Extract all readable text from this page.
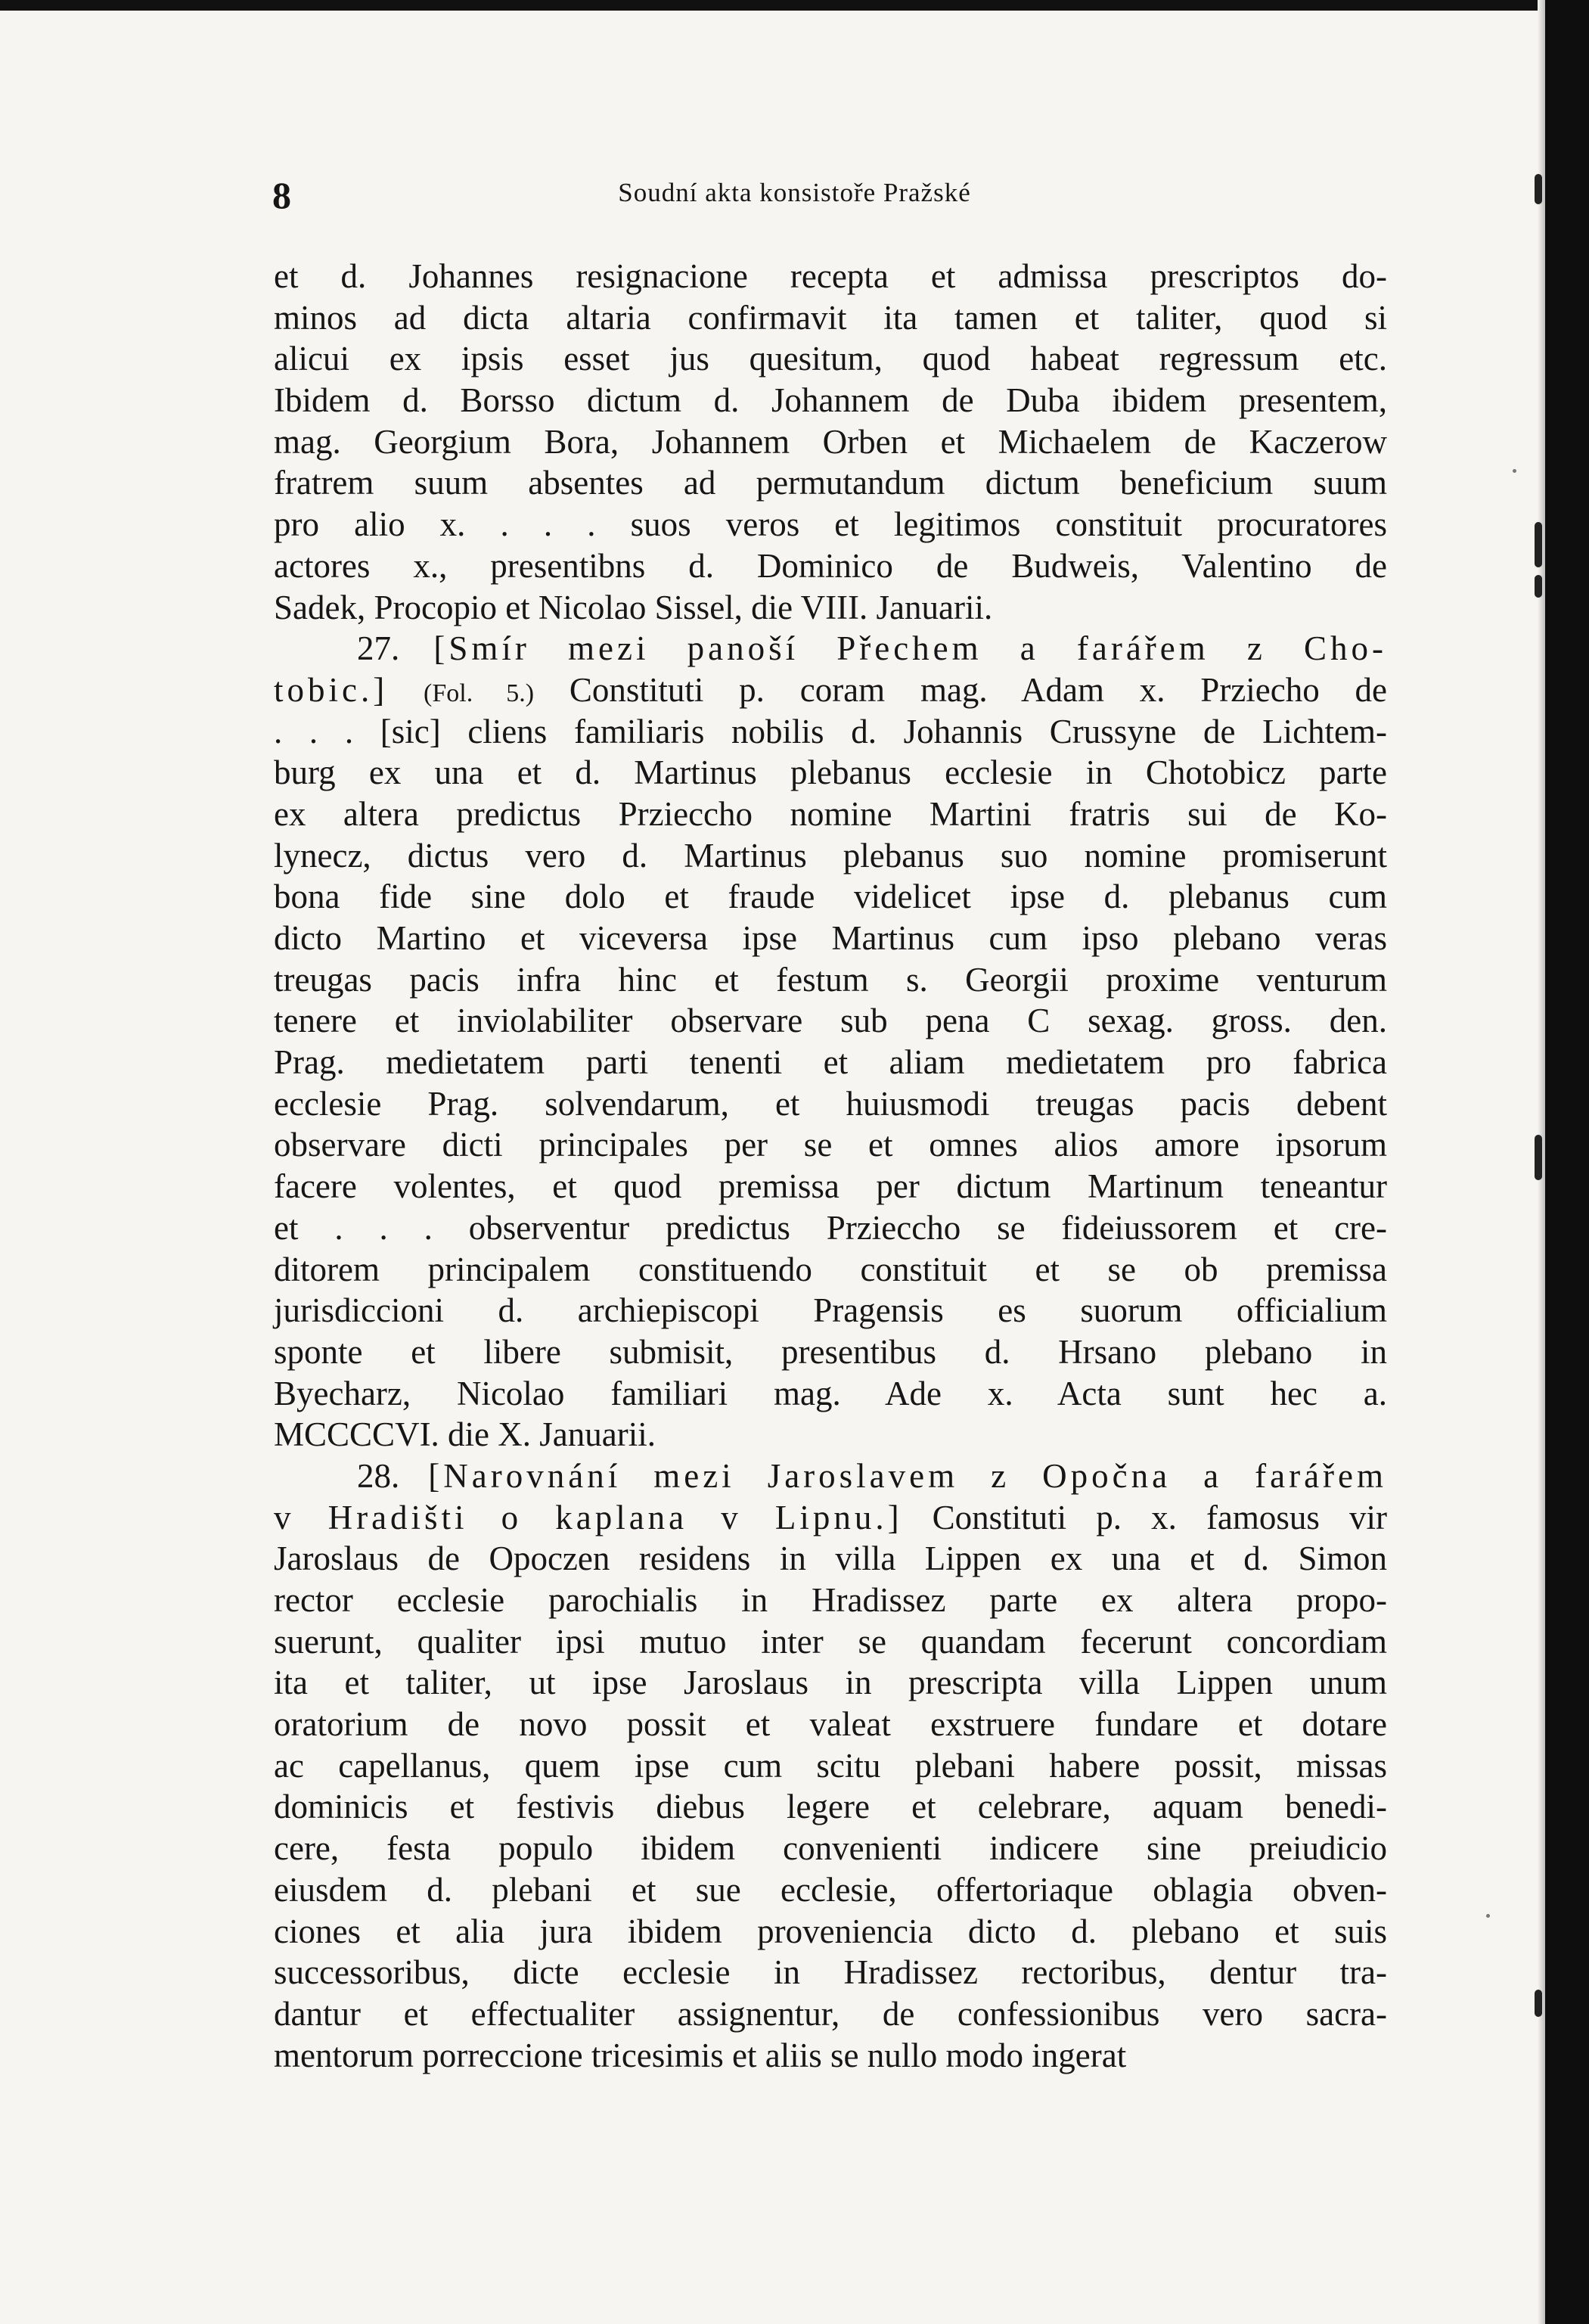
8	Soudní akta konsistoře Pražské
et d. Johannes resignacione recepta et admissa prescriptos do-
minos ad dicta altaria confirmavit ita tamen et taliter, quod si
alicui ex ipsis esset jus quesitum, quod habeat regressum etc.
Ibidem d. Borsso dictum d. Johannem de Duba ibidem presentem,
mag. Georgium Bora, Johannem Orben et Michaelem de Kaczerow
fratrem suum absentes ad permutandum dictum beneficium suum
pro alio x. . . . suos veros et legitimos constituit procuratores
actores x., presentibns d. Dominico de Budweis, Valentino de
Sadek, Procopio et Nicolao Sissel, die VIII. Januarii.
27. [Smír mezi panoší Přechem a farářem z Cho-
tobic.] (Fol. 5.) Constituti p. coram mag. Adam x. Prziecho de
. . . [sic] cliens familiaris nobilis d. Johannis Crussyne de Lichtem-
burg ex una et d. Martinus plebanus ecclesie in Chotobicz parte
ex altera predictus Przieccho nomine Martini fratris sui de Ko-
lynecz, dictus vero d. Martinus plebanus suo nomine promiserunt
bona fide sine dolo et fraude videlicet ipse d. plebanus cum
dicto Martino et viceversa ipse Martinus cum ipso plebano veras
treugas pacis infra hinc et festum s. Georgii proxime venturum
tenere et inviolabiliter observare sub pena C sexag. gross. den.
Prag. medietatem parti tenenti et aliam medietatem pro fabrica
ecclesie Prag. solvendarum, et huiusmodi treugas pacis debent
observare dicti principales per se et omnes alios amore ipsorum
facere volentes, et quod premissa per dictum Martinum teneantur
et . . . observentur predictus Przieccho se fideiussorem et cre-
ditorem principalem constituendo constituit et se ob premissa
jurisdiccioni d. archiepiscopi Pragensis es suorum officialium
sponte et libere submisit, presentibus d. Hrsano plebano in
Byecharz, Nicolao familiari mag. Ade x. Acta sunt hec a.
MCCCCVI. die X. Januarii.
28. [Narovnání mezi Jaroslavem z Opočna a farářem
v Hradišti o kaplana v Lipnu.] Constituti p. x. famosus vir
Jaroslaus de Opoczen residens in villa Lippen ex una et d. Simon
rector ecclesie parochialis in Hradissez parte ex altera propo-
suerunt, qualiter ipsi mutuo inter se quandam fecerunt concordiam
ita et taliter, ut ipse Jaroslaus in prescripta villa Lippen unum
oratorium de novo possit et valeat exstruere fundare et dotare
ac capellanus, quem ipse cum scitu plebani habere possit, missas
dominicis et festivis diebus legere et celebrare, aquam benedi-
cere, festa populo ibidem convenienti indicere sine preiudicio
eiusdem d. plebani et sue ecclesie, offertoriaque oblagia obven-
ciones et alia jura ibidem proveniencia dicto d. plebano et suis
successoribus, dicte ecclesie in Hradissez rectoribus, dentur tra-
dantur et effectualiter assignentur, de confessionibus vero sacra-
mentorum porreccione tricesimis et aliis se nullo modo ingerat
